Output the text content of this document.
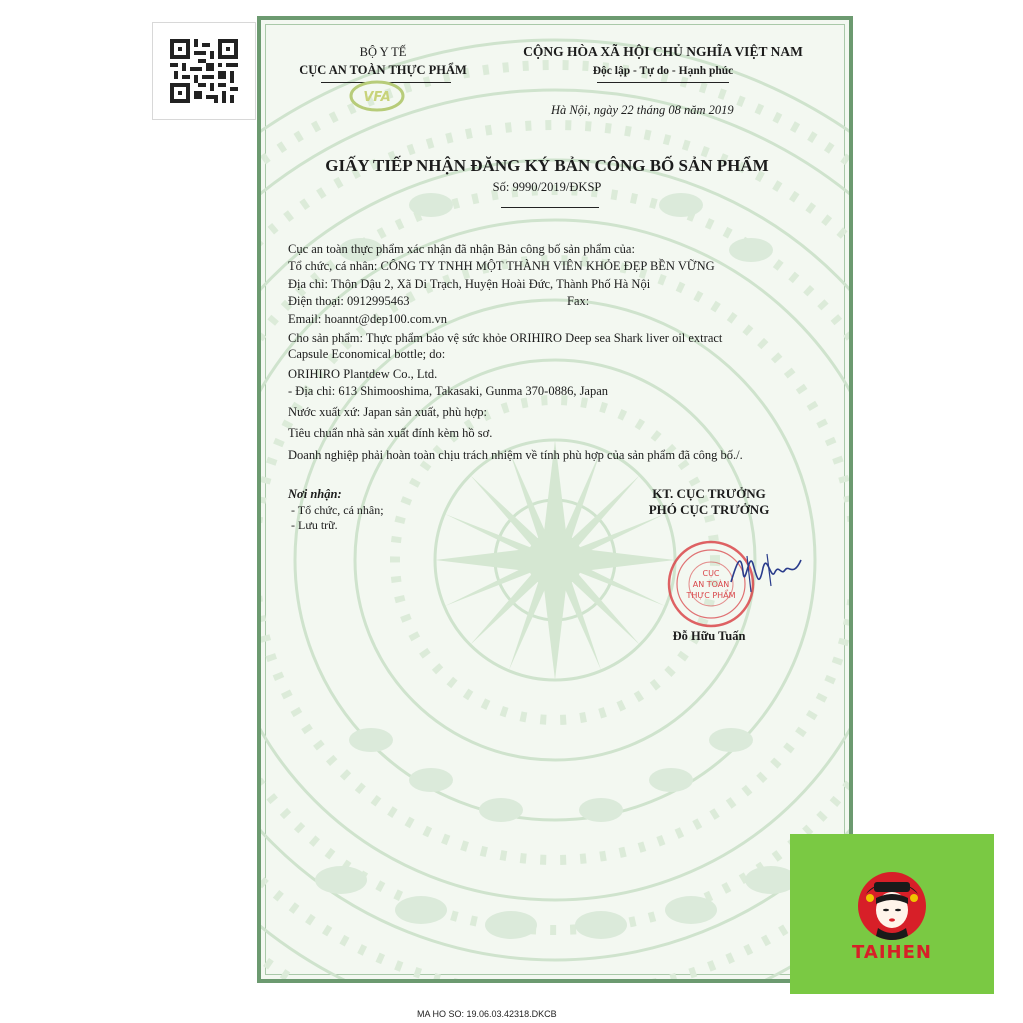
BỘ Y TẾ
CỤC AN TOÀN THỰC PHẨM
VFA
CỘNG HÒA XÃ HỘI CHỦ NGHĨA VIỆT NAM
Độc lập - Tự do - Hạnh phúc
Hà Nội, ngày 22 tháng 08 năm 2019
GIẤY TIẾP NHẬN ĐĂNG KÝ BẢN CÔNG BỐ SẢN PHẨM
Số: 9990/2019/ĐKSP
Cục an toàn thực phẩm xác nhận đã nhận Bản công bố sản phẩm của:
Tổ chức, cá nhân: CÔNG TY TNHH MỘT THÀNH VIÊN KHỎE ĐẸP BỀN VỮNG
Địa chỉ: Thôn Dậu 2, Xã Di Trạch, Huyện Hoài Đức, Thành Phố Hà Nội
Điện thoại: 0912995463	Fax:
Email: hoannt@dep100.com.vn
Cho sản phẩm: Thực phẩm bảo vệ sức khỏe ORIHIRO Deep sea Shark liver oil extract
Capsule Economical bottle; do:
ORIHIRO Plantdew Co., Ltd.
- Địa chỉ: 613 Shimooshima, Takasaki, Gunma 370-0886, Japan
Nước xuất xứ: Japan sản xuất, phù hợp:
Tiêu chuẩn nhà sản xuất đính kèm hồ sơ.
Doanh nghiệp phải hoàn toàn chịu trách nhiệm về tính phù hợp của sản phẩm đã công bố./.
Nơi nhận:
- Tổ chức, cá nhân;
- Lưu trữ.
KT. CỤC TRƯỞNG
PHÓ CỤC TRƯỞNG
CỤC
AN TOÀN
THỰC PHẨM
Đỗ Hữu Tuấn
MA HO SO: 19.06.03.42318.DKCB
TAIHEN
